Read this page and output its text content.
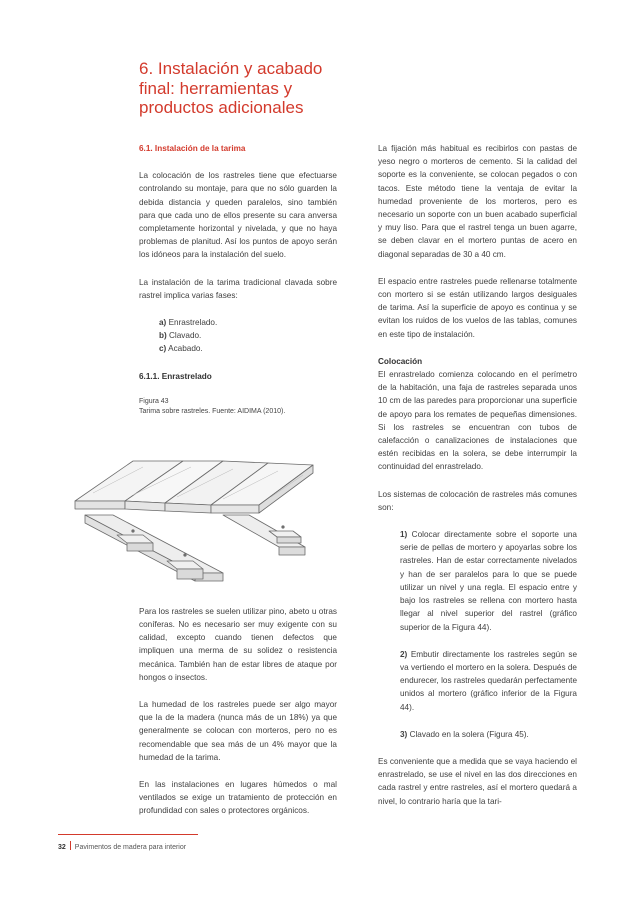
6. Instalación y acabado
final: herramientas y
productos adicionales

6.1. Instalación de la tarima

La colocación de los rastreles tiene que efectuarse controlando su montaje, para que no sólo guarden la debida distancia y queden paralelos, sino también para que cada uno de ellos presente su cara anversa completamente horizontal y nivelada, y que no haya problemas de planitud. Así los puntos de apoyo serán los idóneos para la instalación del suelo.

La instalación de la tarima tradicional clavada sobre rastrel implica varias fases:

a) Enrastrelado.
b) Clavado.
c) Acabado.

6.1.1. Enrastrelado

Figura 43
Tarima sobre rastreles. Fuente: AIDIMA (2010).

Para los rastreles se suelen utilizar pino, abeto u otras coníferas. No es necesario ser muy exigente con su calidad, excepto cuando tienen defectos que impliquen una merma de su solidez o resistencia mecánica. También han de estar libres de ataque por hongos o insectos.

La humedad de los rastreles puede ser algo mayor que la de la madera (nunca más de un 18%) ya que generalmente se colocan con morteros, pero no es recomendable que sea más de un 4% mayor que la humedad de la tarima.

En las instalaciones en lugares húmedos o mal ventilados se exige un tratamiento de protección en profundidad con sales o protectores orgánicos.

La fijación más habitual es recibirlos con pastas de yeso negro o morteros de cemento. Si la calidad del soporte es la conveniente, se colocan pegados o con tacos. Este método tiene la ventaja de evitar la humedad proveniente de los morteros, pero es necesario un soporte con un buen acabado superficial y muy liso. Para que el rastrel tenga un buen agarre, se deben clavar en el mortero puntas de acero en diagonal separadas de 30 a 40 cm.

El espacio entre rastreles puede rellenarse totalmente con mortero si se están utilizando largos desiguales de tarima. Así la superficie de apoyo es continua y se evitan los ruidos de los vuelos de las tablas, comunes en este tipo de instalación.

Colocación
El enrastrelado comienza colocando en el perímetro de la habitación, una faja de rastreles separada unos 10 cm de las paredes para proporcionar una superficie de apoyo para los remates de pequeñas dimensiones. Si los rastreles se encuentran con tubos de calefacción o canalizaciones de instalaciones que estén recibidas en la solera, se debe interrumpir la continuidad del enrastrelado.

Los sistemas de colocación de rastreles más comunes son:

1) Colocar directamente sobre el soporte una serie de pellas de mortero y apoyarlas sobre los rastreles. Han de estar correctamente nivelados y han de ser paralelos para lo que se puede utilizar un nivel y una regla. El espacio entre y bajo los rastreles se rellena con mortero hasta llegar al nivel superior del rastrel (gráfico superior de la Figura 44).
2) Embutir directamente los rastreles según se va vertiendo el mortero en la solera. Después de endurecer, los rastreles quedarán perfectamente unidos al mortero (gráfico inferior de la Figura 44).
3) Clavado en la solera (Figura 45).

Es conveniente que a medida que se vaya haciendo el enrastrelado, se use el nivel en las dos direcciones en cada rastrel y entre rastreles, así el mortero quedará a nivel, lo contrario haría que la tari-

32 Pavimentos de madera para interior
